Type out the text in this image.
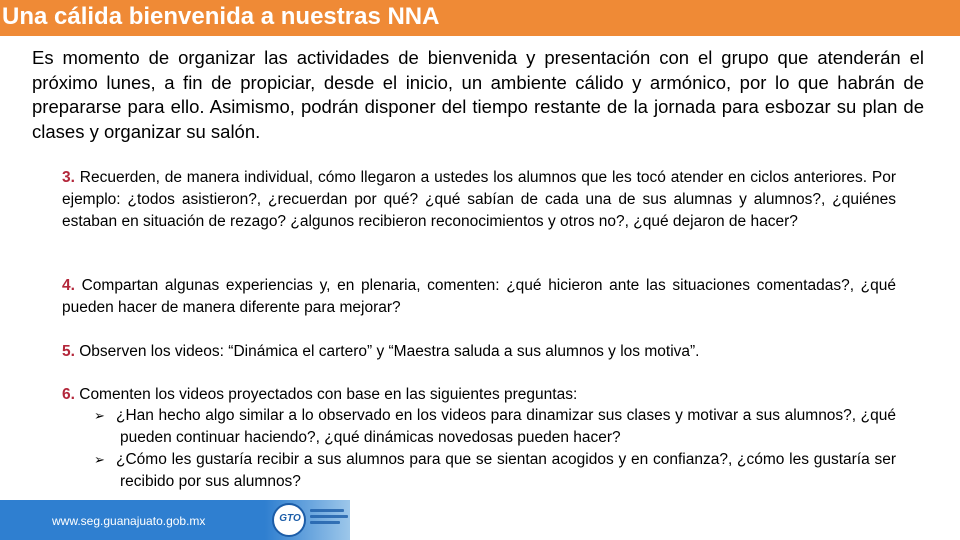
Una cálida bienvenida a nuestras NNA

Es momento de organizar las actividades de bienvenida y presentación con el grupo que atenderán el próximo lunes, a fin de propiciar, desde el inicio, un ambiente cálido y armónico, por lo que habrán de prepararse para ello. Asimismo, podrán disponer del tiempo restante de la jornada para esbozar su plan de clases y organizar su salón.

3. Recuerden, de manera individual, cómo llegaron a ustedes los alumnos que les tocó atender en ciclos anteriores. Por ejemplo: ¿todos asistieron?, ¿recuerdan por qué? ¿qué sabían de cada una de sus alumnas y alumnos?, ¿quiénes estaban en situación de rezago? ¿algunos recibieron reconocimientos y otros no?, ¿qué dejaron de hacer?

4. Compartan algunas experiencias y, en plenaria, comenten: ¿qué hicieron ante las situaciones comentadas?, ¿qué pueden hacer de manera diferente para mejorar?

5. Observen los videos: “Dinámica el cartero” y “Maestra saluda a sus alumnos y los motiva”.

6. Comenten los videos proyectados con base en las siguientes preguntas:

➢ ¿Han hecho algo similar a lo observado en los videos para dinamizar sus clases y motivar a sus alumnos?, ¿qué pueden continuar haciendo?, ¿qué dinámicas novedosas pueden hacer?

➢ ¿Cómo les gustaría recibir a sus alumnos para que se sientan acogidos y en confianza?, ¿cómo les gustaría ser recibido por sus alumnos?

www.seg.guanajuato.gob.mx	GTO
